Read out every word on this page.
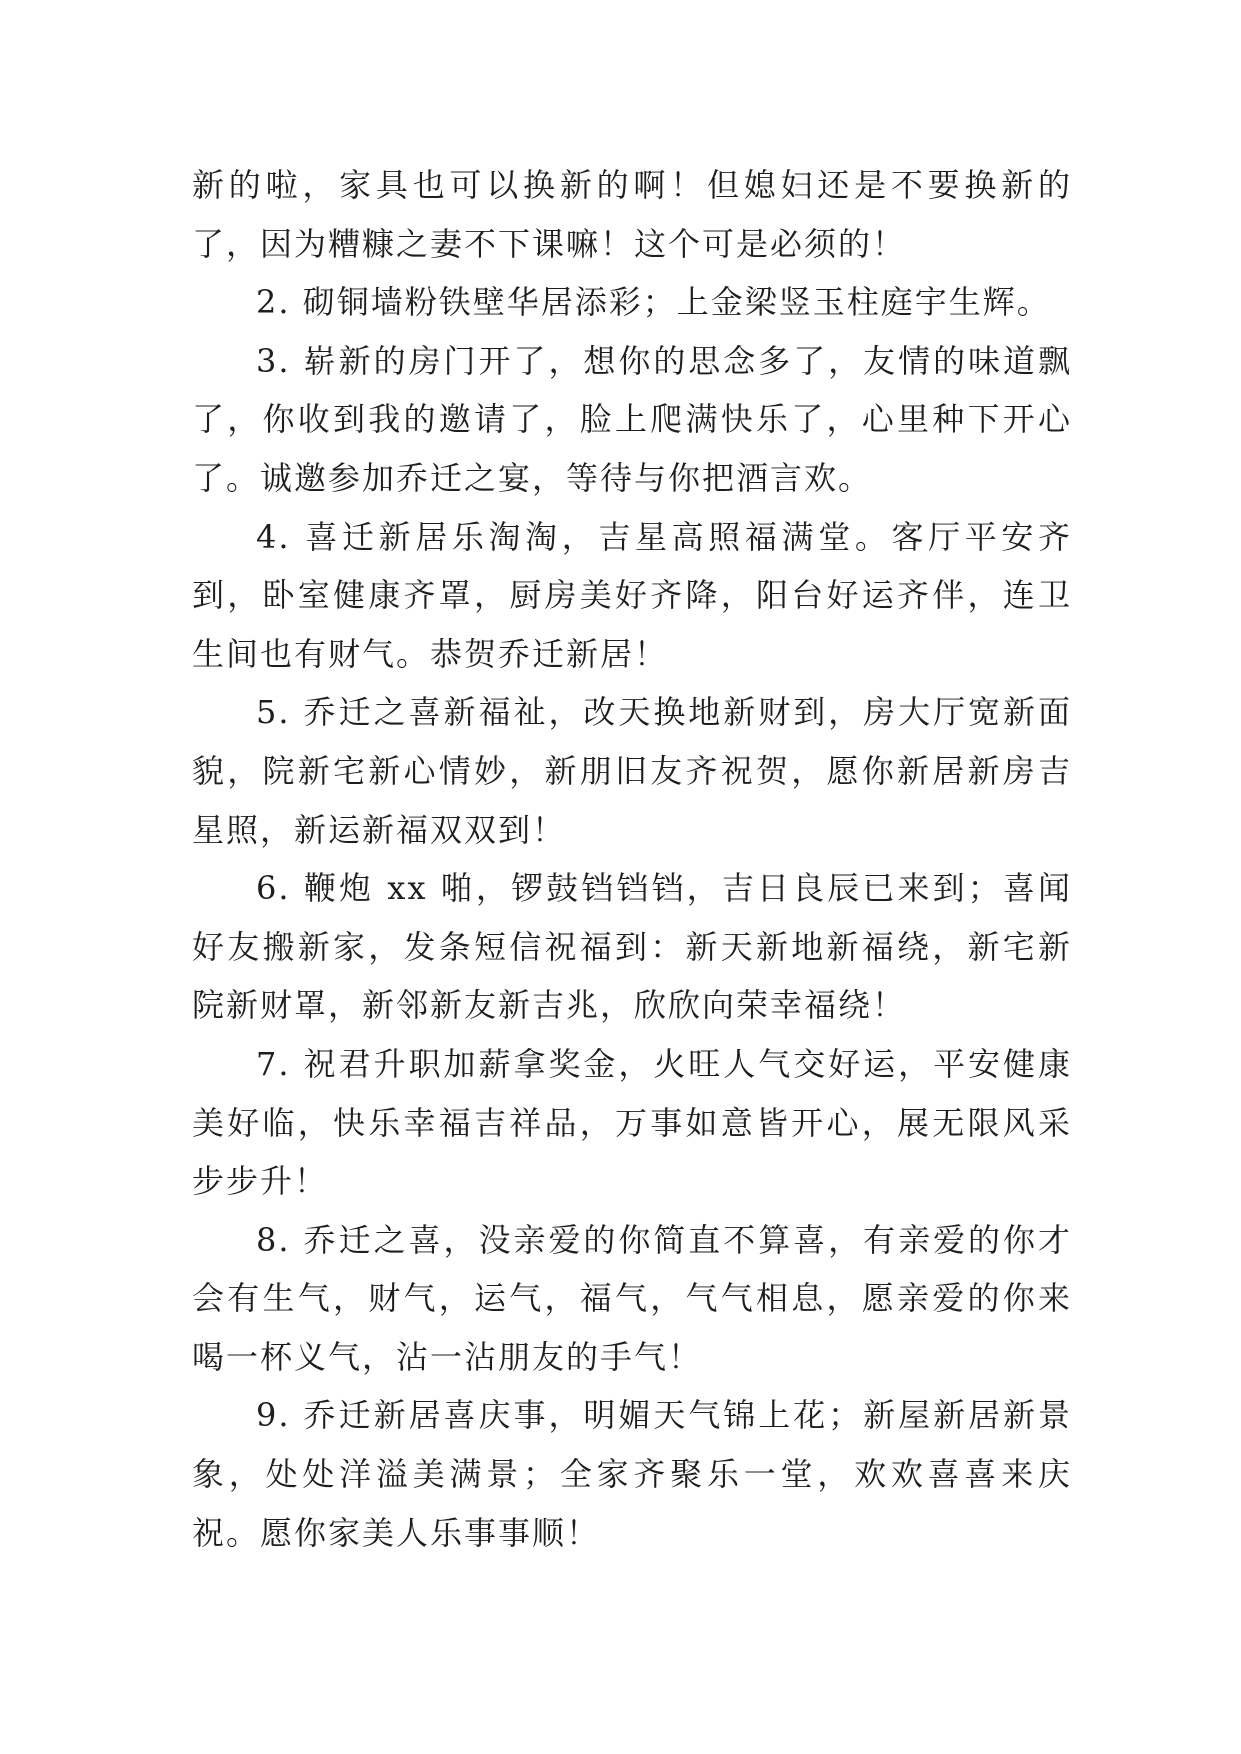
新的啦，家具也可以换新的啊！但媳妇还是不要换新的了，因为糟糠之妻不下课嘛！这个可是必须的！

2. 砌铜墙粉铁壁华居添彩；上金梁竖玉柱庭宇生辉。

3. 崭新的房门开了，想你的思念多了，友情的味道飘了，你收到我的邀请了，脸上爬满快乐了，心里种下开心了。诚邀参加乔迁之宴，等待与你把酒言欢。

4. 喜迁新居乐淘淘，吉星高照福满堂。客厅平安齐到，卧室健康齐罩，厨房美好齐降，阳台好运齐伴，连卫生间也有财气。恭贺乔迁新居！

5. 乔迁之喜新福祉，改天换地新财到，房大厅宽新面貌，院新宅新心情妙，新朋旧友齐祝贺，愿你新居新房吉星照，新运新福双双到！

6. 鞭炮 xx 啪，锣鼓铛铛铛，吉日良辰已来到；喜闻好友搬新家，发条短信祝福到：新天新地新福绕，新宅新院新财罩，新邻新友新吉兆，欣欣向荣幸福绕！

7. 祝君升职加薪拿奖金，火旺人气交好运，平安健康美好临，快乐幸福吉祥品，万事如意皆开心，展无限风采步步升！

8. 乔迁之喜，没亲爱的你简直不算喜，有亲爱的你才会有生气，财气，运气，福气，气气相息，愿亲爱的你来喝一杯义气，沾一沾朋友的手气！

9. 乔迁新居喜庆事，明媚天气锦上花；新屋新居新景象，处处洋溢美满景；全家齐聚乐一堂，欢欢喜喜来庆祝。愿你家美人乐事事顺！
